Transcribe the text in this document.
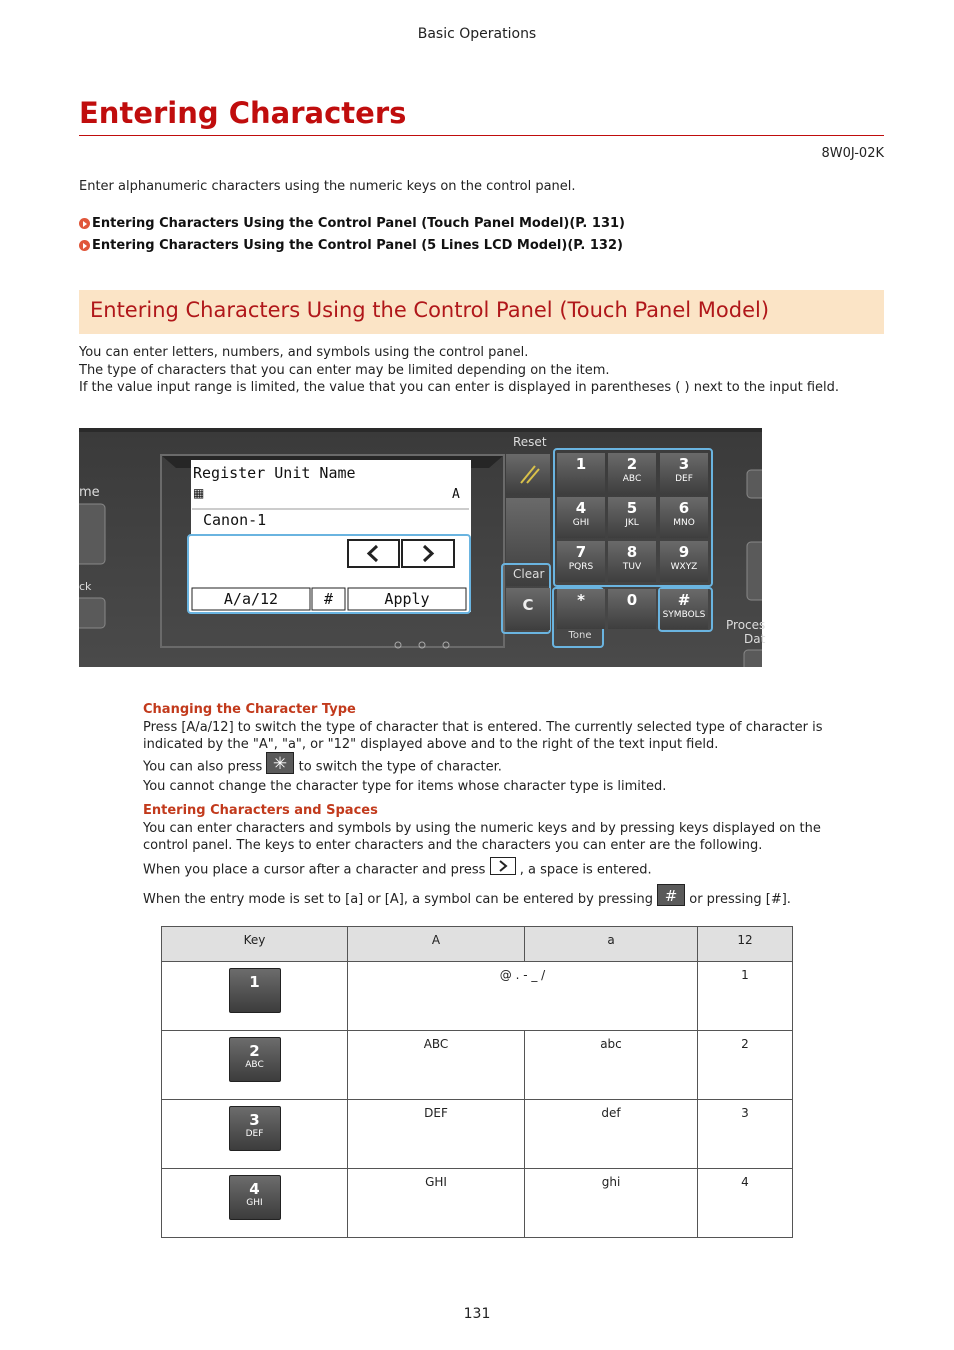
Basic Operations
Entering Characters
8W0J-02K
Enter alphanumeric characters using the numeric keys on the control panel.
Entering Characters Using the Control Panel (Touch Panel Model)(P. 131)
Entering Characters Using the Control Panel (5 Lines LCD Model)(P. 132)
Entering Characters Using the Control Panel (Touch Panel Model)
You can enter letters, numbers, and symbols using the control panel.
The type of characters that you can enter may be limited depending on the item.
If the value input range is limited, the value that you can enter is displayed in parentheses ( ) next to the input field.
Register Unit Name
▦	A
Canon-1
A/a/12	#	Apply
Reset
Clear
C
Tone
me
ck
Proces
Dat
1	2
ABC
3
DEF
4
GHI
5
JKL
6
MNO
7
PQRS
8
TUV
9
WXYZ
*	0	#
SYMBOLS
Changing the Character Type
Press [A/a/12] to switch the type of character that is entered. The currently selected type of character is indicated by the "A", "a", or "12" displayed above and to the right of the text input field.
You can also press ✳ to switch the type of character.
You cannot change the character type for items whose character type is limited.
Entering Characters and Spaces
You can enter characters and symbols by using the numeric keys and by pressing keys displayed on the control panel. The keys to enter characters and the characters you can enter are the following.
When you place a cursor after a character and press	, a space is entered.
When the entry mode is set to [a] or [A], a symbol can be entered by pressing # or pressing [#].
Key	A	a	12

1	@ . - _ /		1

2
ABC	ABC	abc	2

3
DEF	DEF	def	3

4
GHI	GHI	ghi	4
131
